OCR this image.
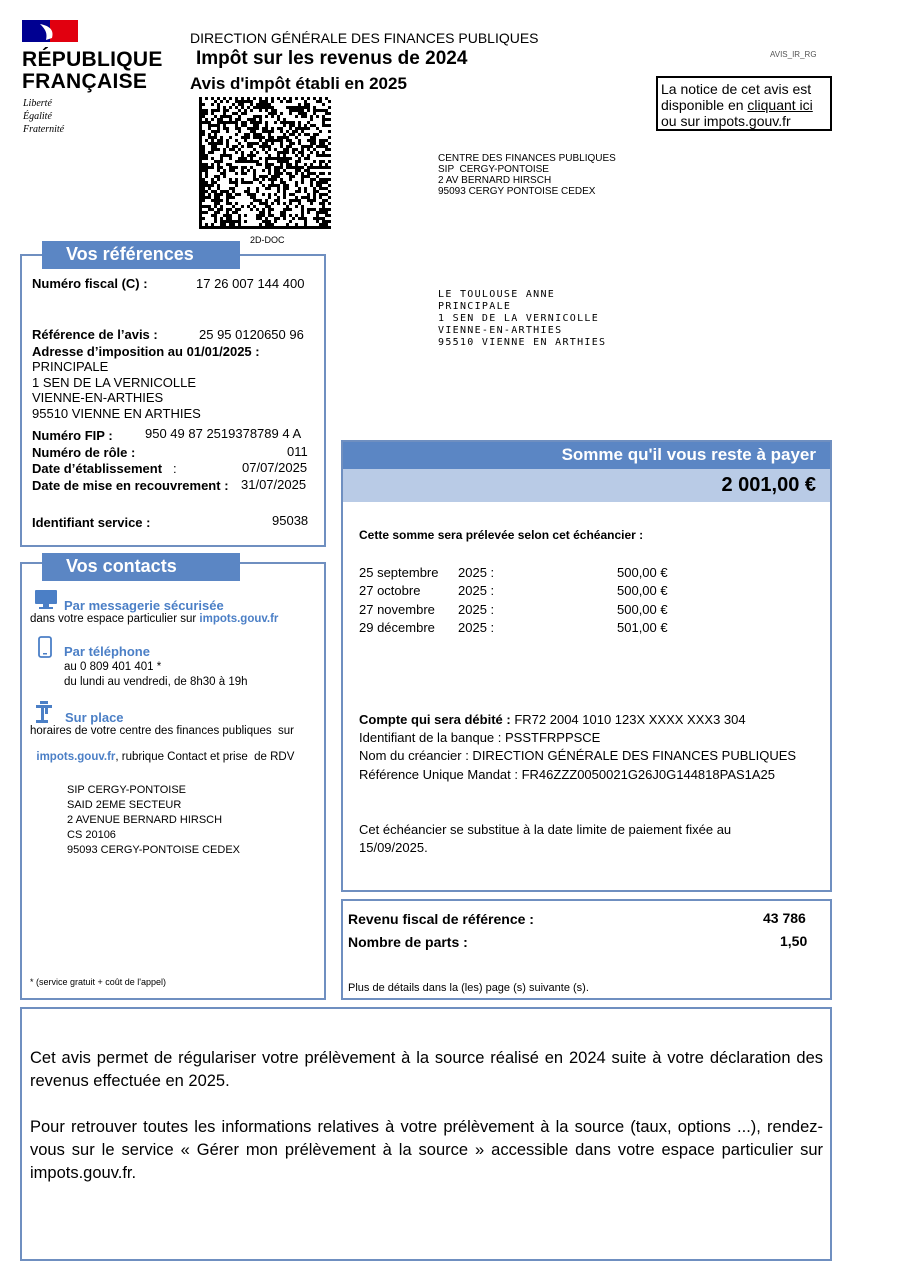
RÉPUBLIQUE
FRANÇAISE
Liberté
Égalité
Fraternité
DIRECTION GÉNÉRALE DES FINANCES PUBLIQUES
Impôt sur les revenus de 2024
Avis d'impôt établi en 2025
AVIS_IR_RG
La notice de cet avis est
disponible en cliquant ici
ou sur impots.gouv.fr
2D-DOC
CENTRE DES FINANCES PUBLIQUES
SIP  CERGY-PONTOISE
2 AV BERNARD HIRSCH
95093 CERGY PONTOISE CEDEX
LE TOULOUSE ANNE
PRINCIPALE
1 SEN DE LA VERNICOLLE
VIENNE-EN-ARTHIES
95510 VIENNE EN ARTHIES
Vos références
Numéro fiscal (C) :	17 26 007 144 400
Référence de l’avis :	25 95 0120650 96
Adresse d’imposition au 01/01/2025 :
PRINCIPALE
1 SEN DE LA VERNICOLLE
VIENNE-EN-ARTHIES
95510 VIENNE EN ARTHIES
Numéro FIP : 950 49 87 2519378789 4 A
Numéro de rôle :	011
Date d’établissement :	07/07/2025
Date de mise en recouvrement : 31/07/2025
Identifiant service :	95038
Vos contacts
Par messagerie sécurisée
dans votre espace particulier sur impots.gouv.fr
Par téléphone
au 0 809 401 401 *
du lundi au vendredi, de 8h30 à 19h
Sur place
horaires de votre centre des finances publiques  sur

impots.gouv.fr, rubrique Contact et prise  de RDV

SIP CERGY-PONTOISE
SAID 2EME SECTEUR
2 AVENUE BERNARD HIRSCH
CS 20106
95093 CERGY-PONTOISE CEDEX
* (service gratuit + coût de l'appel)
Somme qu'il vous reste à payer
2 001,00 €
Cette somme sera prélevée selon cet échéancier :
25 septembre 2025 :	500,00 €
27 octobre	2025 :	500,00 €
27 novembre 2025 :	500,00 €
29 décembre 2025 :	501,00 €
Compte qui sera débité : FR72 2004 1010 123X XXXX XXX3 304
Identifiant de la banque : PSSTFRPPSCE
Nom du créancier : DIRECTION GÉNÉRALE DES FINANCES PUBLIQUES
Référence Unique Mandat : FR46ZZZ0050021G26J0G144818PAS1A25
Cet échéancier se substitue à la date limite de paiement fixée au
15/09/2025.
Revenu fiscal de référence :	43 786
Nombre de parts :	1,50
Plus de détails dans la (les) page (s) suivante (s).
Cet avis permet de régulariser votre prélèvement à la source réalisé en 2024 suite à votre déclaration des revenus effectuée en 2025.
Pour retrouver toutes les informations relatives à votre prélèvement à la source (taux, options ...), rendez-vous sur le service « Gérer mon prélèvement à la source » accessible dans votre espace particulier sur impots.gouv.fr.
